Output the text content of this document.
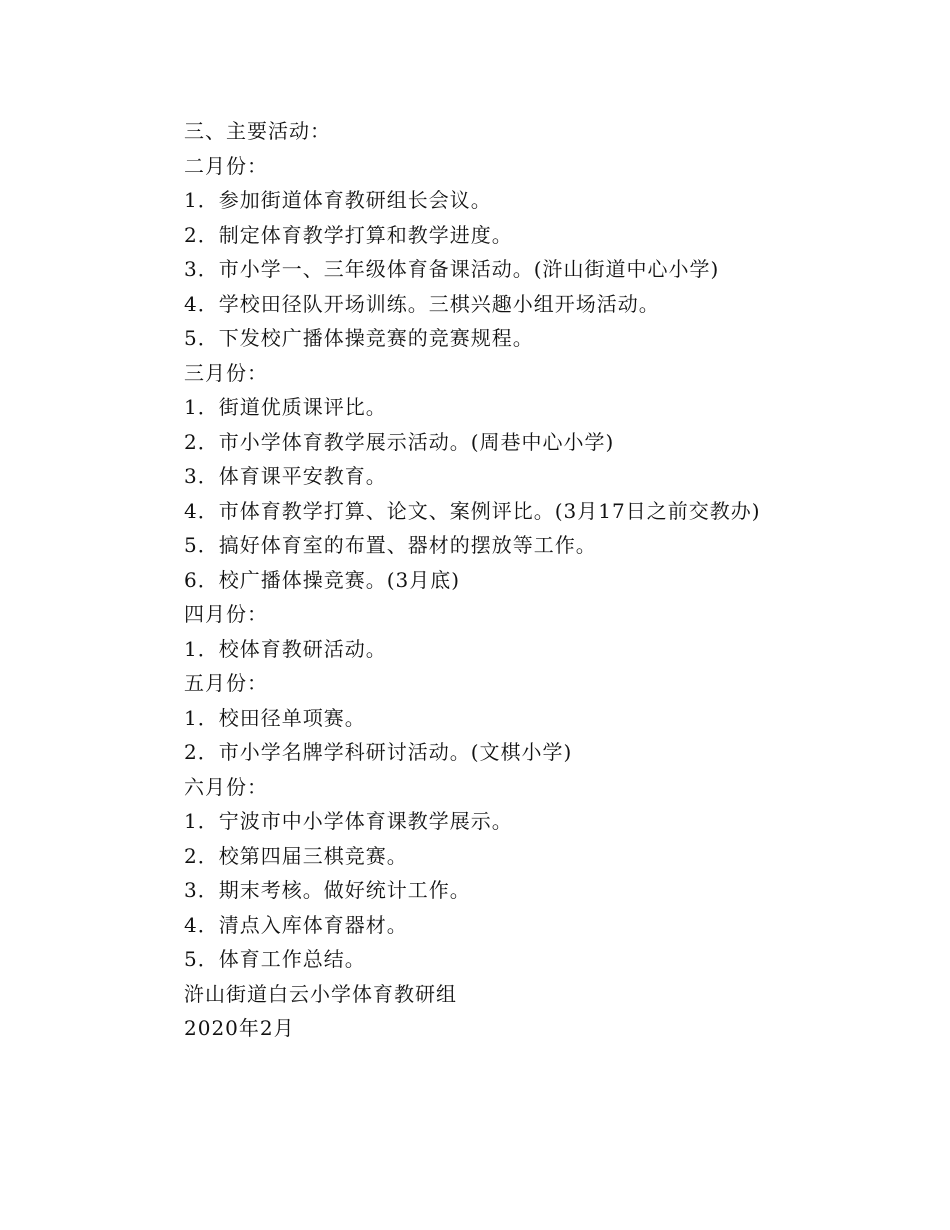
三、主要活动：
二月份：
1．参加街道体育教研组长会议。
2．制定体育教学打算和教学进度。
3．市小学一、三年级体育备课活动。(浒山街道中心小学)
4．学校田径队开场训练。三棋兴趣小组开场活动。
5．下发校广播体操竞赛的竞赛规程。
三月份：
1．街道优质课评比。
2．市小学体育教学展示活动。(周巷中心小学)
3．体育课平安教育。
4．市体育教学打算、论文、案例评比。(3月17日之前交教办)
5．搞好体育室的布置、器材的摆放等工作。
6．校广播体操竞赛。(3月底)
四月份：
1．校体育教研活动。
五月份：
1．校田径单项赛。
2．市小学名牌学科研讨活动。(文棋小学)
六月份：
1．宁波市中小学体育课教学展示。
2．校第四届三棋竞赛。
3．期末考核。做好统计工作。
4．清点入库体育器材。
5．体育工作总结。
浒山街道白云小学体育教研组
2020年2月
